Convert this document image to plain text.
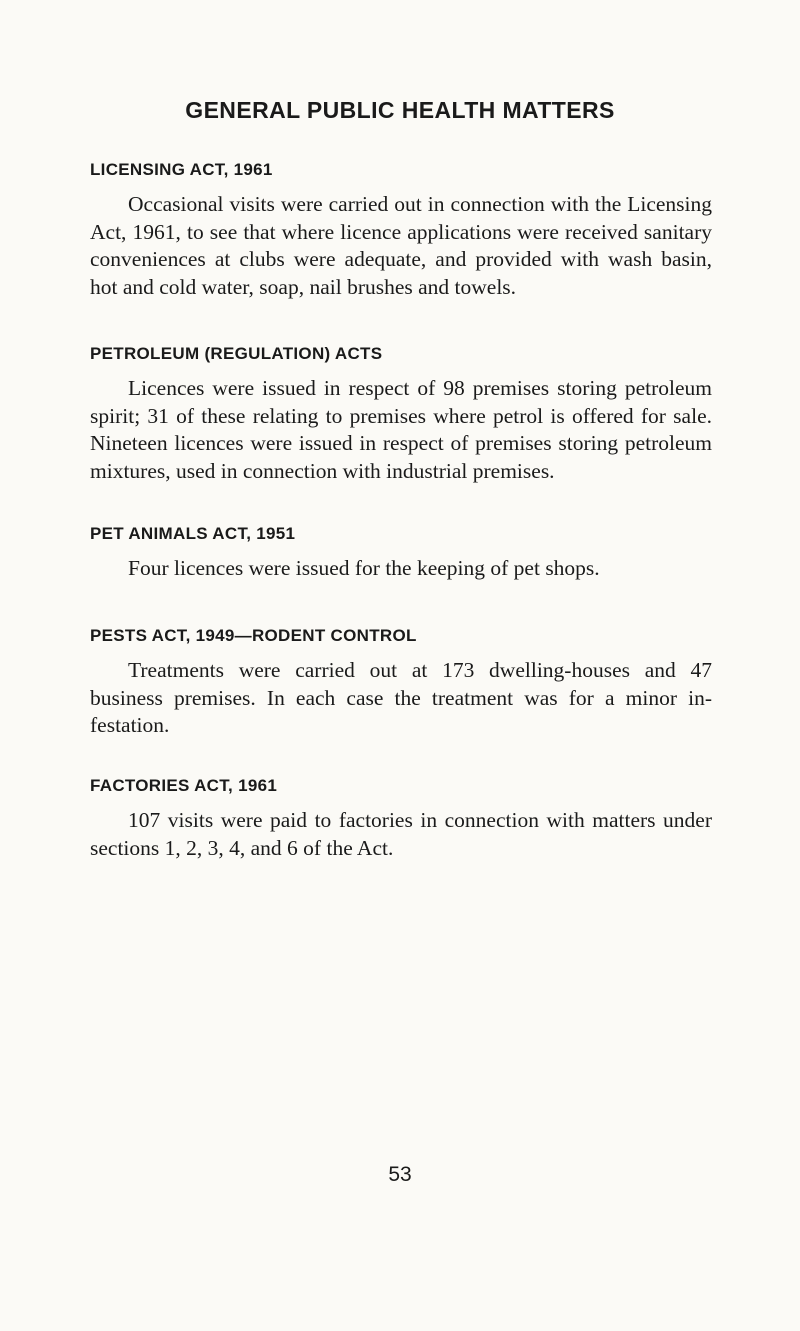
GENERAL PUBLIC HEALTH MATTERS
LICENSING ACT, 1961

Occasional visits were carried out in connection with the Licensing Act, 1961, to see that where licence applications were received sanitary conveniences at clubs were adequate, and provided with wash basin, hot and cold water, soap, nail brushes and towels.

PETROLEUM (REGULATION) ACTS

Licences were issued in respect of 98 premises storing petroleum spirit; 31 of these relating to premises where petrol is offered for sale. Nineteen licences were issued in respect of premises storing petroleum mixtures, used in connection with industrial premises.

PET ANIMALS ACT, 1951

Four licences were issued for the keeping of pet shops.

PESTS ACT, 1949—RODENT CONTROL

Treatments were carried out at 173 dwelling-houses and 47 business premises. In each case the treatment was for a minor infestation.

FACTORIES ACT, 1961

107 visits were paid to factories in connection with matters under sections 1, 2, 3, 4, and 6 of the Act.

53
